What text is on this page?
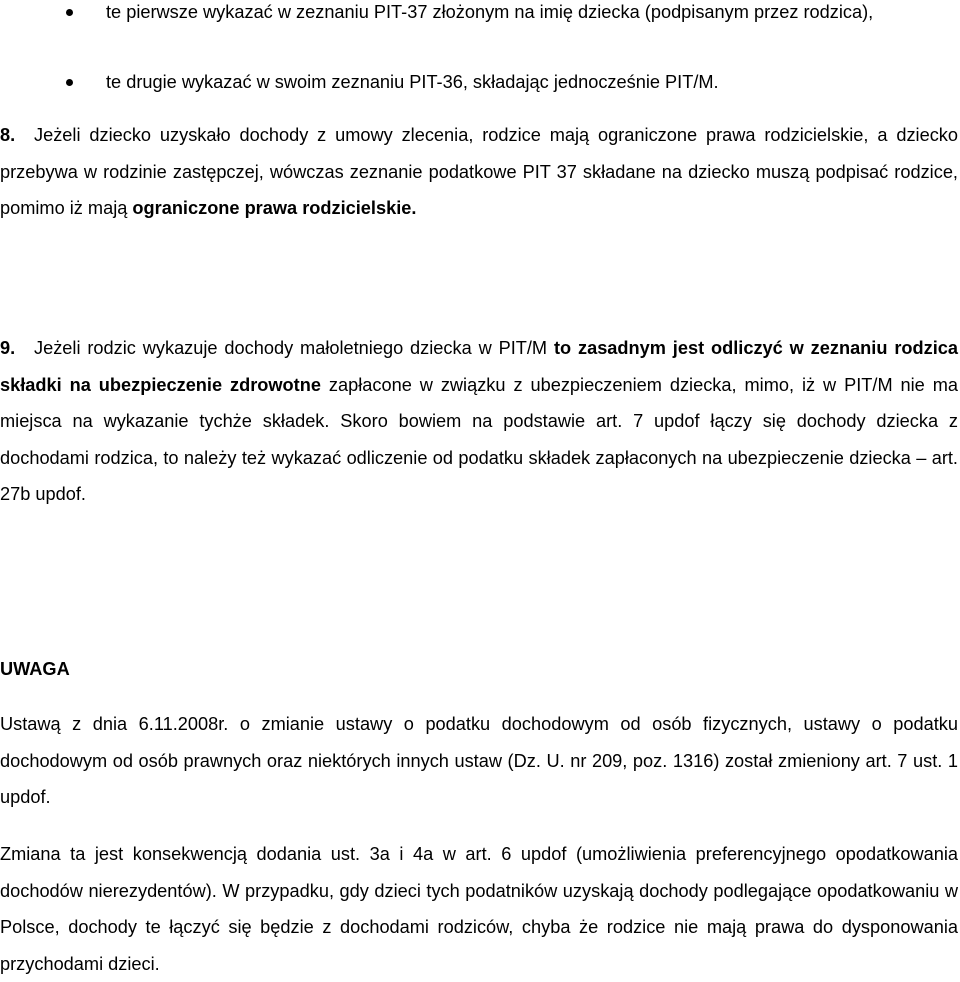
te pierwsze wykazać w zeznaniu PIT-37 złożonym na imię dziecka (podpisanym przez rodzica),

te drugie wykazać w swoim zeznaniu PIT-36, składając jednocześnie PIT/M.

8. Jeżeli dziecko uzyskało dochody z umowy zlecenia, rodzice mają ograniczone prawa rodzicielskie, a dziecko przebywa w rodzinie zastępczej, wówczas zeznanie podatkowe PIT 37 składane na dziecko muszą podpisać rodzice, pomimo iż mają ograniczone prawa rodzicielskie.

9. Jeżeli rodzic wykazuje dochody małoletniego dziecka w PIT/M to zasadnym jest odliczyć w zeznaniu rodzica składki na ubezpieczenie zdrowotne zapłacone w związku z ubezpieczeniem dziecka, mimo, iż w PIT/M nie ma miejsca na wykazanie tychże składek. Skoro bowiem na podstawie art. 7 updof łączy się dochody dziecka z dochodami rodzica, to należy też wykazać odliczenie od podatku składek zapłaconych na ubezpieczenie dziecka – art. 27b updof.

UWAGA

Ustawą z dnia 6.11.2008r. o zmianie ustawy o podatku dochodowym od osób fizycznych, ustawy o podatku dochodowym od osób prawnych oraz niektórych innych ustaw (Dz. U. nr 209, poz. 1316) został zmieniony art. 7 ust. 1 updof.

Zmiana ta jest konsekwencją dodania ust. 3a i 4a w art. 6 updof (umożliwienia preferencyjnego opodatkowania dochodów nierezydentów). W przypadku, gdy dzieci tych podatników uzyskają dochody podlegające opodatkowaniu w Polsce, dochody te łączyć się będzie z dochodami rodziców, chyba że rodzice nie mają prawa do dysponowania przychodami dzieci.
